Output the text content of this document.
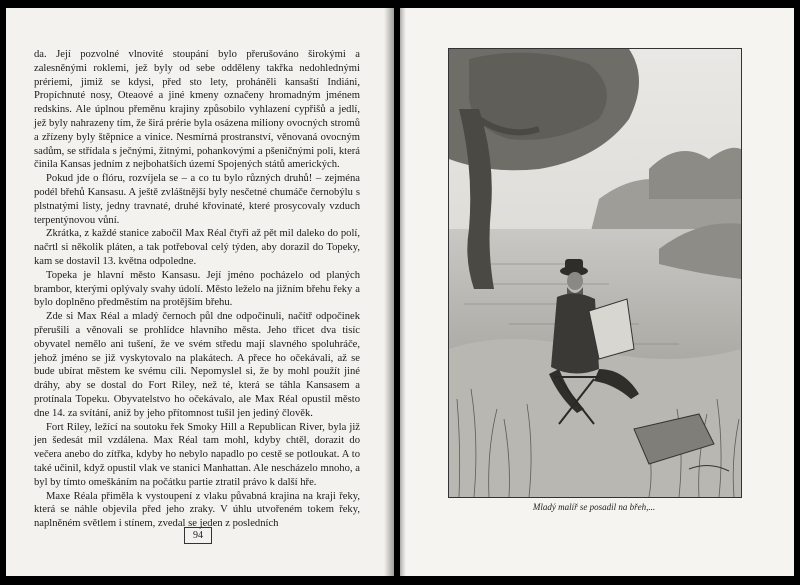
da. Její pozvolné vlnovité stoupání bylo přerušováno širokými a zalesněnými roklemi, jež byly od sebe odděleny takřka nedohlednými prériemi, jimiž se kdysi, před sto lety, proháněli kansaští Indiáni, Propíchnuté nosy, Oteaové a jiné kmeny označeny hromadným jménem redskins. Ale úplnou přeměnu krajiny způsobilo vyhlazení cypřišů a jedlí, jež byly nahrazeny tím, že širá prérie byla osázena miliony ovocných stromů a zřízeny byly štěpnice a vinice. Nesmírná prostranství, věnovaná ovocným sadům, se střídala s ječnými, žitnými, pohankovými a pšeničnými poli, která činila Kansas jedním z nejbohatších území Spojených států amerických.

Pokud jde o flóru, rozvíjela se – a co tu bylo různých druhů! – zejména podél břehů Kansasu. A ještě zvláštnější byly nesčetné chumáče černobýlu s plstnatými listy, jedny travnaté, druhé křovinaté, které prosycovaly vzduch terpentýnovou vůní.

Zkrátka, z každé stanice zabočil Max Réal čtyři až pět mil daleko do polí, načrtl si několik pláten, a tak potřeboval celý týden, aby dorazil do Topeky, kam se dostavil 13. května odpoledne.

Topeka je hlavní město Kansasu. Její jméno pocházelo od planých brambor, kterými oplývaly svahy údolí. Město leželo na jižním břehu řeky a bylo doplněno předměstím na protějším břehu.

Zde si Max Réal a mladý černoch půl dne odpočinuli, načítř odpočinek přerušili a věnovali se prohlídce hlavního města. Jeho třicet dva tisíc obyvatel nemělo ani tušení, že ve svém středu mají slavného spoluhráče, jehož jméno se již vyskytovalo na plakátech. A přece ho očekávali, až se bude ubírat městem ke svému cíli. Nepomyslel si, že by mohl použít jiné dráhy, aby se dostal do Fort Riley, než té, která se táhla Kansasem a protínala Topeku. Obyvatelstvo ho očekávalo, ale Max Réal opustil město dne 14. za svítání, aniž by jeho přítomnost tušil jen jediný člověk.

Fort Riley, ležící na soutoku řek Smoky Hill a Republican River, byla již jen šedesát mil vzdálena. Max Réal tam mohl, kdyby chtěl, dorazit do večera anebo do zítřka, kdyby ho nebylo napadlo po cestě se potloukat. A to také učinil, když opustil vlak ve stanici Manhattan. Ale nescházelo mnoho, a byl by tímto omeškáním na počátku partie ztratil právo k další hře.

Maxe Réala přiměla k vystoupení z vlaku půvabná krajina na kraji řeky, která se náhle objevila před jeho zraky. V úhlu utvořeném tokem řeky, naplněném světlem i stínem, zvedal se jeden z posledních

94
Mladý malíř se posadil na břeh,...
